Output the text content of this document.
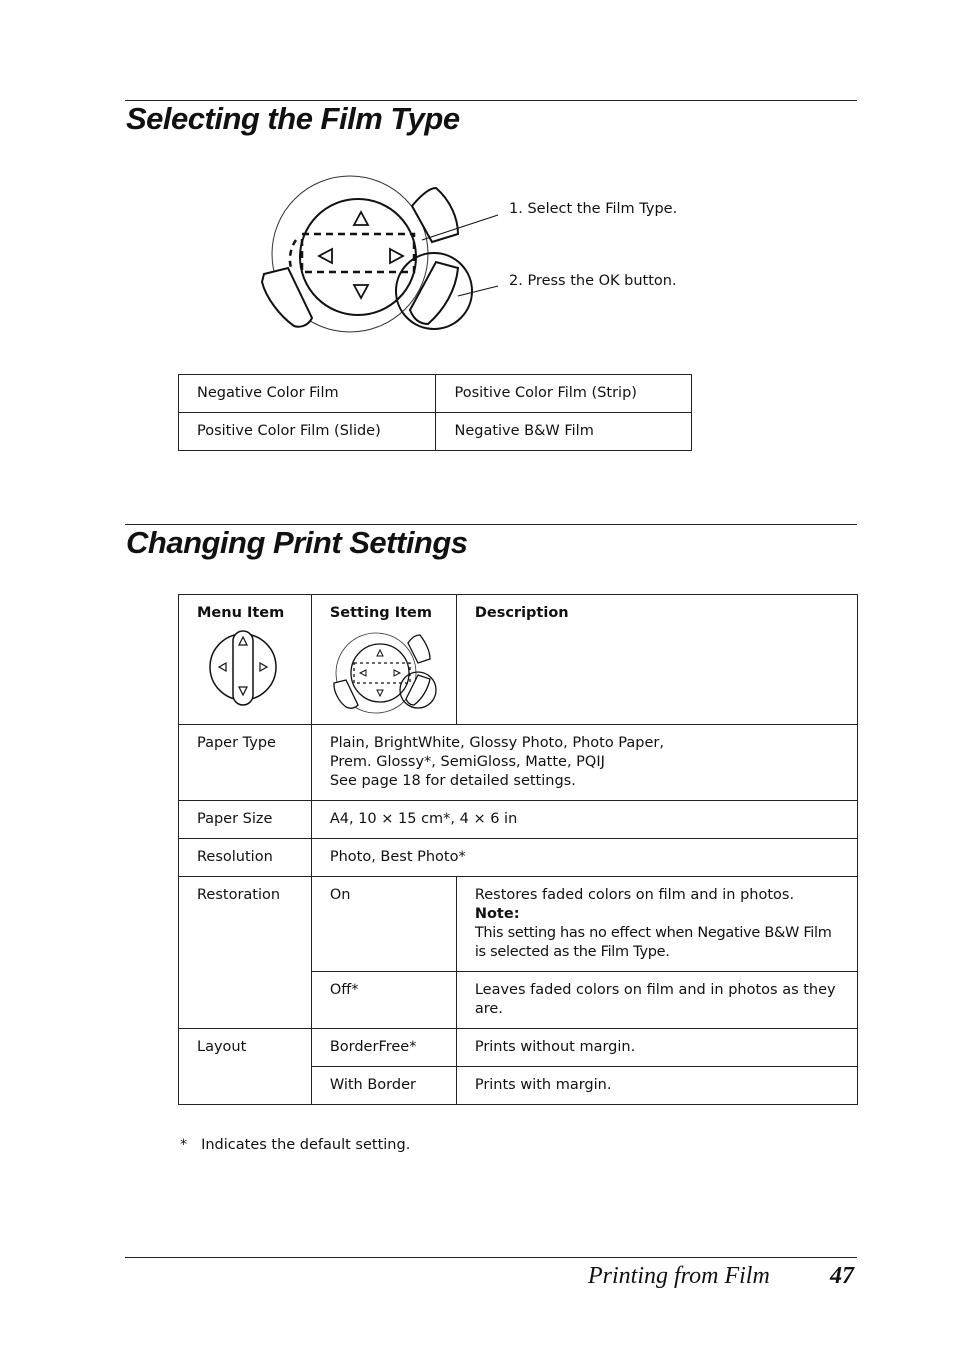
Selecting the Film Type
1. Select the Film Type.
2. Press the OK button.
Negative Color Film	Positive Color Film (Strip)
Positive Color Film (Slide)	Negative B&W Film
Changing Print Settings
Menu Item	Setting Item	Description

Paper Type	Plain, BrightWhite, Glossy Photo, Photo Paper,
Prem. Glossy*, SemiGloss, Matte, PQIJ
See page 18 for detailed settings.	

Paper Size	A4, 10 × 15 cm*, 4 × 6 in	
Resolution	Photo, Best Photo*	
Restoration	On	Restores faded colors on film and in photos.
Note:
This setting has no effect when Negative B&W Film is selected as the Film Type.

	Off*	Leaves faded colors on film and in photos as they are.
Layout	BorderFree*	Prints without margin.
	With Border	Prints with margin.
*   Indicates the default setting.
Printing from Film	47
